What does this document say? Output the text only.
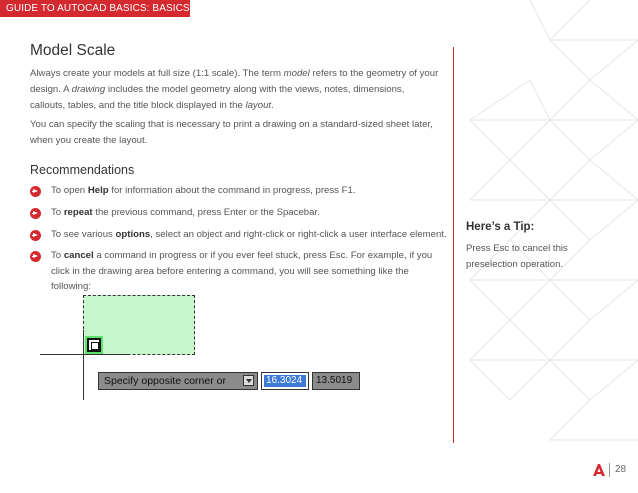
GUIDE TO AUTOCAD BASICS: BASICS
Model Scale
Always create your models at full size (1:1 scale). The term model refers to the geometry of your design. A drawing includes the model geometry along with the views, notes, dimensions, callouts, tables, and the title block displayed in the layout.
You can specify the scaling that is necessary to print a drawing on a standard-sized sheet later, when you create the layout.
Recommendations
To open Help for information about the command in progress, press F1.
To repeat the previous command, press Enter or the Spacebar.
To see various options, select an object and right-click or right-click a user interface element.
To cancel a command in progress or if you ever feel stuck, press Esc. For example, if you click in the drawing area before entering a command, you will see something like the following:
Specify opposite corner or	16.3024	13.5019
Here’s a Tip:
Press Esc to cancel this preselection operation.
28
